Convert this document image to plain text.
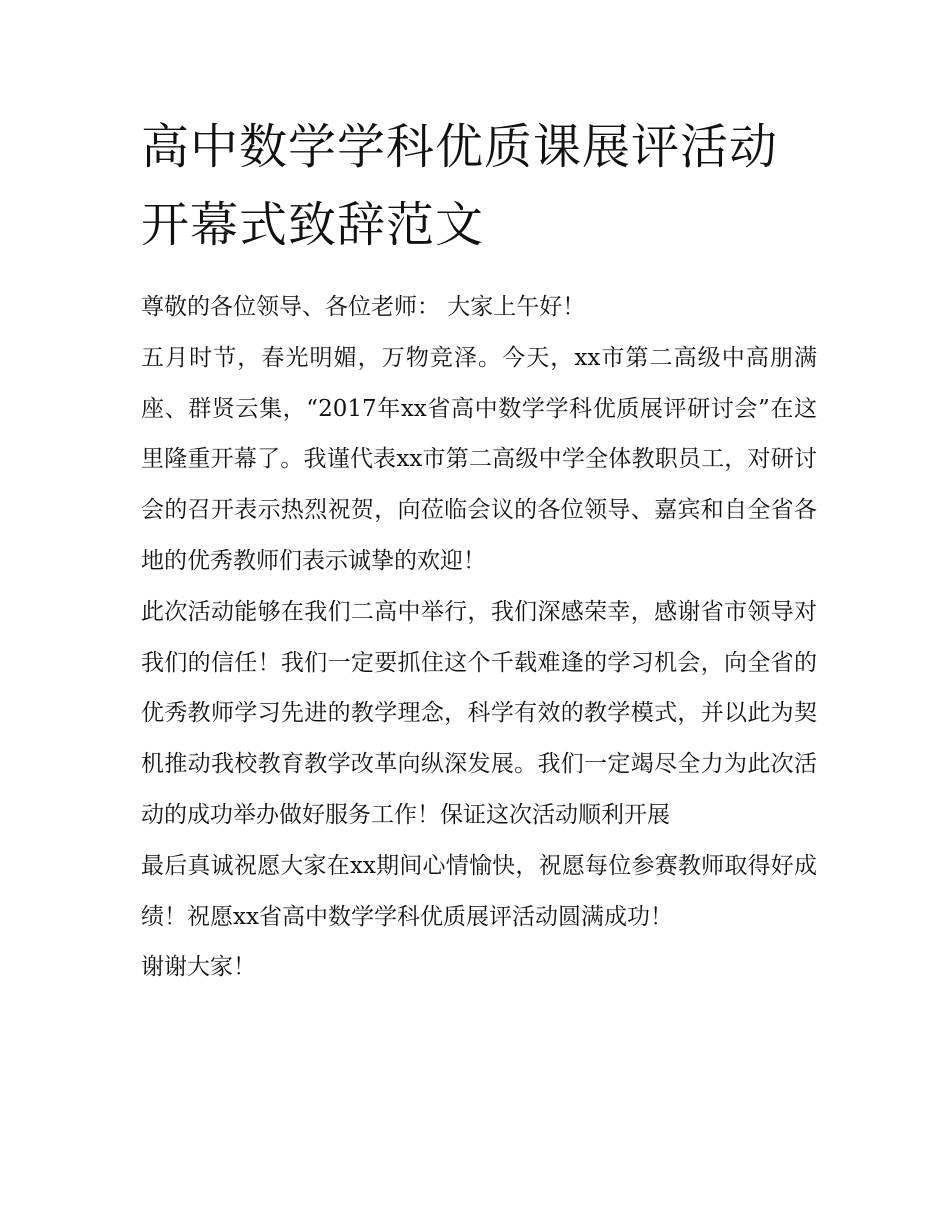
高中数学学科优质课展评活动开幕式致辞范文

尊敬的各位领导、各位老师： 大家上午好！

五月时节，春光明媚，万物竞泽。今天，xx市第二高级中高朋满座、群贤云集，“2017年xx省高中数学学科优质展评研讨会”在这里隆重开幕了。我谨代表xx市第二高级中学全体教职员工，对研讨会的召开表示热烈祝贺，向莅临会议的各位领导、嘉宾和自全省各地的优秀教师们表示诚挚的欢迎！

此次活动能够在我们二高中举行，我们深感荣幸，感谢省市领导对我们的信任！我们一定要抓住这个千载难逢的学习机会，向全省的优秀教师学习先进的教学理念，科学有效的教学模式，并以此为契机推动我校教育教学改革向纵深发展。我们一定竭尽全力为此次活动的成功举办做好服务工作！保证这次活动顺利开展

最后真诚祝愿大家在xx期间心情愉快，祝愿每位参赛教师取得好成绩！祝愿xx省高中数学学科优质展评活动圆满成功！

谢谢大家！
